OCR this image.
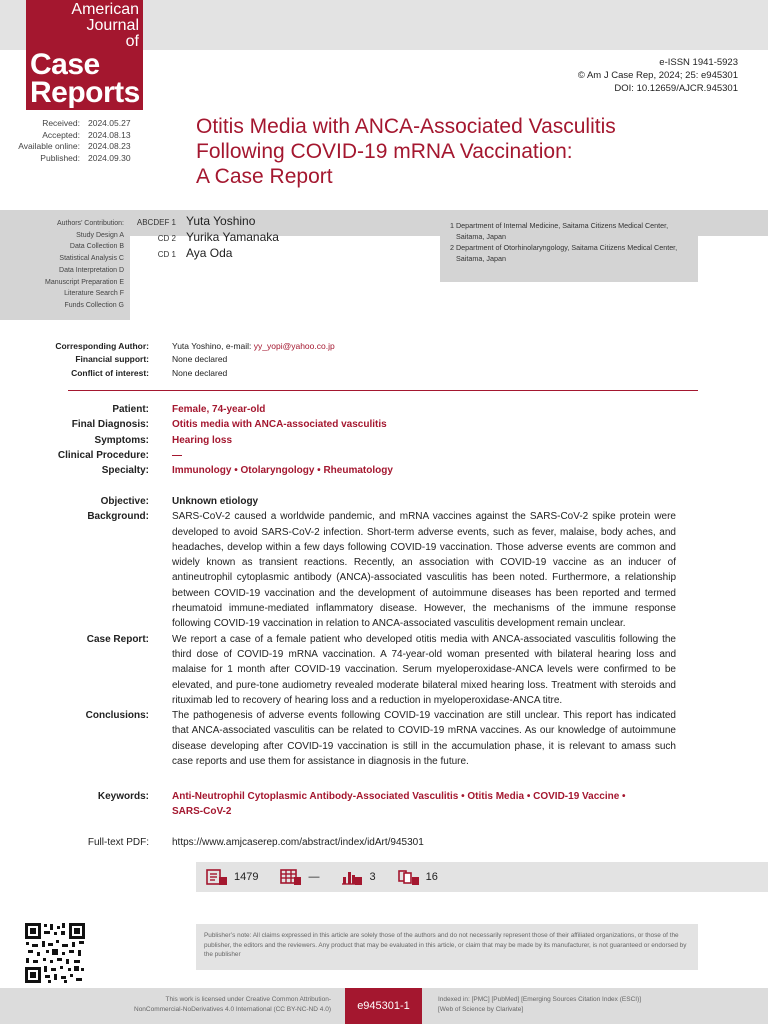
American
Journal
of
Case
Reports
e-ISSN 1941-5923
© Am J Case Rep, 2024; 25: e945301
DOI: 10.12659/AJCR.945301
Received: 2024.05.27
Accepted: 2024.08.13
Available online: 2024.08.23
Published: 2024.09.30
Otitis Media with ANCA-Associated Vasculitis
Following COVID-19 mRNA Vaccination:
A Case Report
Authors’ Contribution:
Study Design A
Data Collection B
Statistical Analysis C
Data Interpretation D
Manuscript Preparation E
Literature Search F
Funds Collection G
ABCDEF 1 Yuta Yoshino
CD 2 Yurika Yamanaka
CD 1 Aya Oda
1 Department of Internal Medicine, Saitama Citizens Medical Center,
Saitama, Japan
2 Department of Otorhinolaryngology, Saitama Citizens Medical Center,
Saitama, Japan
Corresponding Author:	Yuta Yoshino, e-mail: yy_yopi@yahoo.co.jp
Financial support:	None declared
Conflict of interest:	None declared
Patient:	Female, 74-year-old
Final Diagnosis:	Otitis media with ANCA-associated vasculitis
Symptoms:	Hearing loss
Clinical Procedure:	—
Specialty:	Immunology • Otolaryngology • Rheumatology
Objective:	Unknown etiology
Background:	SARS-CoV-2 caused a worldwide pandemic, and mRNA vaccines against the SARS-CoV-2 spike protein were developed to avoid SARS-CoV-2 infection. Short-term adverse events, such as fever, malaise, body aches, and headaches, develop within a few days following COVID-19 vaccination. Those adverse events are common and widely known as transient reactions. Recently, an association with COVID-19 vaccine as an inducer of antineutrophil cytoplasmic antibody (ANCA)-associated vasculitis has been noted. Furthermore, a relationship between COVID-19 vaccination and the development of autoimmune diseases has been reported and termed rheumatoid immune-mediated inflammatory disease. However, the mechanisms of the immune response following COVID-19 vaccination in relation to ANCA-associated vasculitis development remain unclear.
Case Report:	We report a case of a female patient who developed otitis media with ANCA-associated vasculitis following the third dose of COVID-19 mRNA vaccination. A 74-year-old woman presented with bilateral hearing loss and malaise for 1 month after COVID-19 vaccination. Serum myeloperoxidase-ANCA levels were confirmed to be elevated, and pure-tone audiometry revealed moderate bilateral mixed hearing loss. Treatment with steroids and rituximab led to recovery of hearing loss and a reduction in myeloperoxidase-ANCA titre.
Conclusions:	The pathogenesis of adverse events following COVID-19 vaccination are still unclear. This report has indicated that ANCA-associated vasculitis can be related to COVID-19 mRNA vaccines. As our knowledge of autoimmune disease developing after COVID-19 vaccination is still in the accumulation phase, it is relevant to amass such case reports and use them for assistance in diagnosis in the future.
Keywords:	Anti-Neutrophil Cytoplasmic Antibody-Associated Vasculitis • Otitis Media • COVID-19 Vaccine •
SARS-CoV-2
Full-text PDF:	https://www.amjcaserep.com/abstract/index/idArt/945301
1479	—	3	16
Publisher’s note: All claims expressed in this article are solely those of the authors and do not necessarily represent those of their affiliated organizations, or those of the publisher, the editors and the reviewers. Any product that may be evaluated in this article, or claim that may be made by its manufacturer, is not guaranteed or endorsed by the publisher
This work is licensed under Creative Common Attribution-
NonCommercial-NoDerivatives 4.0 International (CC BY-NC-ND 4.0)	e945301-1
Indexed in: [PMC] [PubMed] [Emerging Sources Citation Index (ESCI)]
[Web of Science by Clarivate]
